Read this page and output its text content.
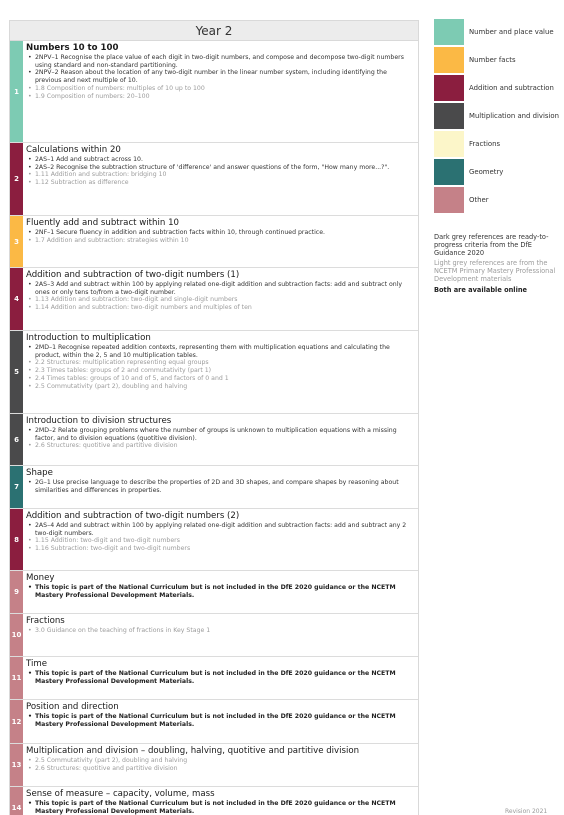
Year 2
1
Numbers 10 to 100
• 2NPV–1 Recognise the place value of each digit in two-digit numbers, and compose and decompose two-digit numbers using standard and non-standard partitioning.
• 2NPV–2 Reason about the location of any two-digit number in the linear number system, including identifying the previous and next multiple of 10.
• 1.8 Composition of numbers: multiples of 10 up to 100
• 1.9 Composition of numbers: 20–100
2
Calculations within 20
• 2AS–1 Add and subtract across 10.
• 2AS–2 Recognise the subtraction structure of 'difference' and answer questions of the form, "How many more...?".
• 1.11 Addition and subtraction: bridging 10
• 1.12 Subtraction as difference
3
Fluently add and subtract within 10
• 2NF–1 Secure fluency in addition and subtraction facts within 10, through continued practice.
• 1.7 Addition and subtraction: strategies within 10
4
Addition and subtraction of two-digit numbers (1)
• 2AS–3 Add and subtract within 100 by applying related one-digit addition and subtraction facts: add and subtract only ones or only tens to/from a two-digit number.
• 1.13 Addition and subtraction: two-digit and single-digit numbers
• 1.14 Addition and subtraction: two-digit numbers and multiples of ten
5
Introduction to multiplication
• 2MD–1 Recognise repeated addition contexts, representing them with multiplication equations and calculating the product, within the 2, 5 and 10 multiplication tables.
• 2.2 Structures: multiplication representing equal groups
• 2.3 Times tables: groups of 2 and commutativity (part 1)
• 2.4 Times tables: groups of 10 and of 5, and factors of 0 and 1
• 2.5 Commutativity (part 2), doubling and halving
6
Introduction to division structures
• 2MD–2 Relate grouping problems where the number of groups is unknown to multiplication equations with a missing factor, and to division equations (quotitive division).
• 2.6 Structures: quotitive and partitive division
7
Shape
• 2G–1 Use precise language to describe the properties of 2D and 3D shapes, and compare shapes by reasoning about similarities and differences in properties.
8
Addition and subtraction of two-digit numbers (2)
• 2AS–4 Add and subtract within 100 by applying related one-digit addition and subtraction facts: add and subtract any 2 two-digit numbers.
• 1.15 Addition: two-digit and two-digit numbers
• 1.16 Subtraction: two-digit and two-digit numbers
9
Money
• This topic is part of the National Curriculum but is not included in the DfE 2020 guidance or the NCETM Mastery Professional Development Materials.
10
Fractions
• 3.0 Guidance on the teaching of fractions in Key Stage 1
11
Time
• This topic is part of the National Curriculum but is not included in the DfE 2020 guidance or the NCETM Mastery Professional Development Materials.
12
Position and direction
• This topic is part of the National Curriculum but is not included in the DfE 2020 guidance or the NCETM Mastery Professional Development Materials.
13
Multiplication and division – doubling, halving, quotitive and partitive division
• 2.5 Commutativity (part 2), doubling and halving
• 2.6 Structures: quotitive and partitive division
14
Sense of measure – capacity, volume, mass
• This topic is part of the National Curriculum but is not included in the DfE 2020 guidance or the NCETM Mastery Professional Development Materials.
Number and place value
Number facts
Addition and subtraction
Multiplication and division
Fractions
Geometry
Other
Dark grey references are ready-to-progress criteria from the DfE Guidance 2020
Light grey references are from the NCETM Primary Mastery Professional Development materials
Both are available online
Revision 2021
